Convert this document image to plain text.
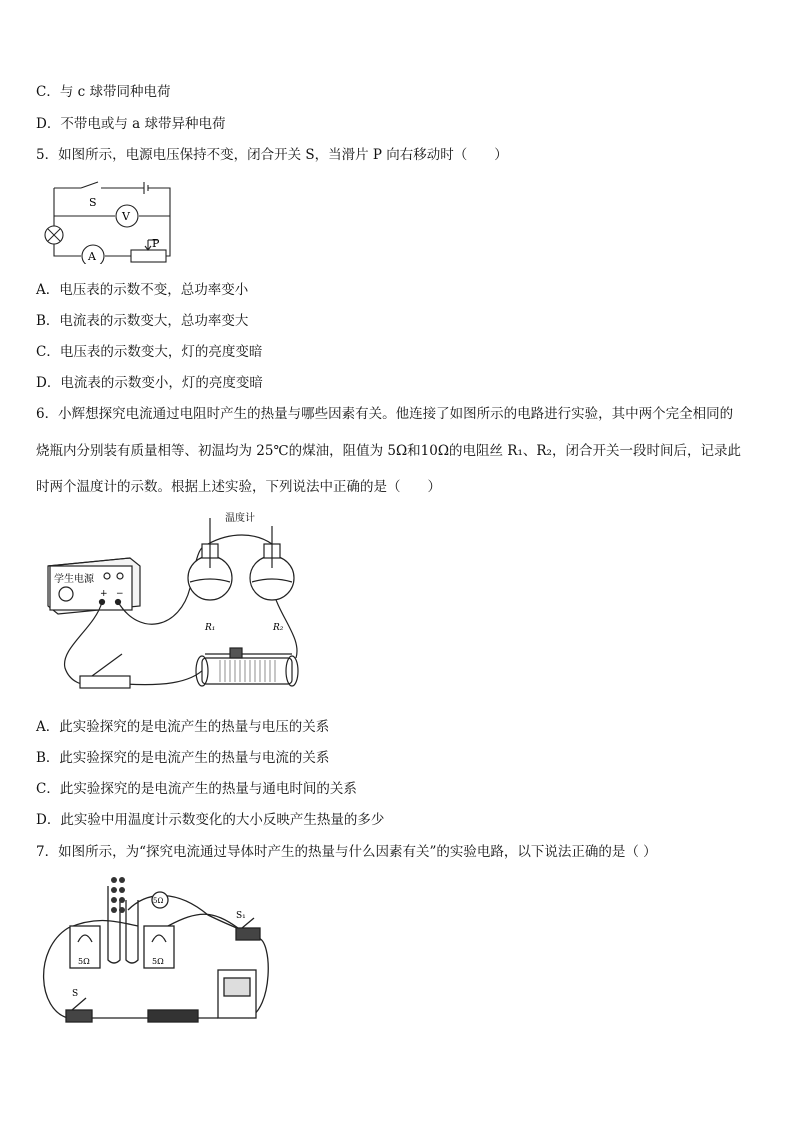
C．与 c 球带同种电荷
D．不带电或与 a 球带异种电荷
5．如图所示，电源电压保持不变，闭合开关 S，当滑片 P 向右移动时（　　）
S
V
A
P
A．电压表的示数不变，总功率变小
B．电流表的示数变大，总功率变大
C．电压表的示数变大，灯的亮度变暗
D．电流表的示数变小，灯的亮度变暗
6．小辉想探究电流通过电阻时产生的热量与哪些因素有关。他连接了如图所示的电路进行实验，其中两个完全相同的
烧瓶内分别装有质量相等、初温均为 25℃的煤油，阻值为 5Ω和10Ω的电阻丝 R₁、R₂，闭合开关一段时间后，记录此
时两个温度计的示数。根据上述实验，下列说法中正确的是（　　）
温度计
学生电源
+ −
R₁	R₂
A．此实验探究的是电流产生的热量与电压的关系
B．此实验探究的是电流产生的热量与电流的关系
C．此实验探究的是电流产生的热量与通电时间的关系
D．此实验中用温度计示数变化的大小反映产生热量的多少
7．如图所示，为“探究电流通过导体时产生的热量与什么因素有关”的实验电路，以下说法正确的是（ ）
5Ω	5Ω
5Ω
S₁
S
